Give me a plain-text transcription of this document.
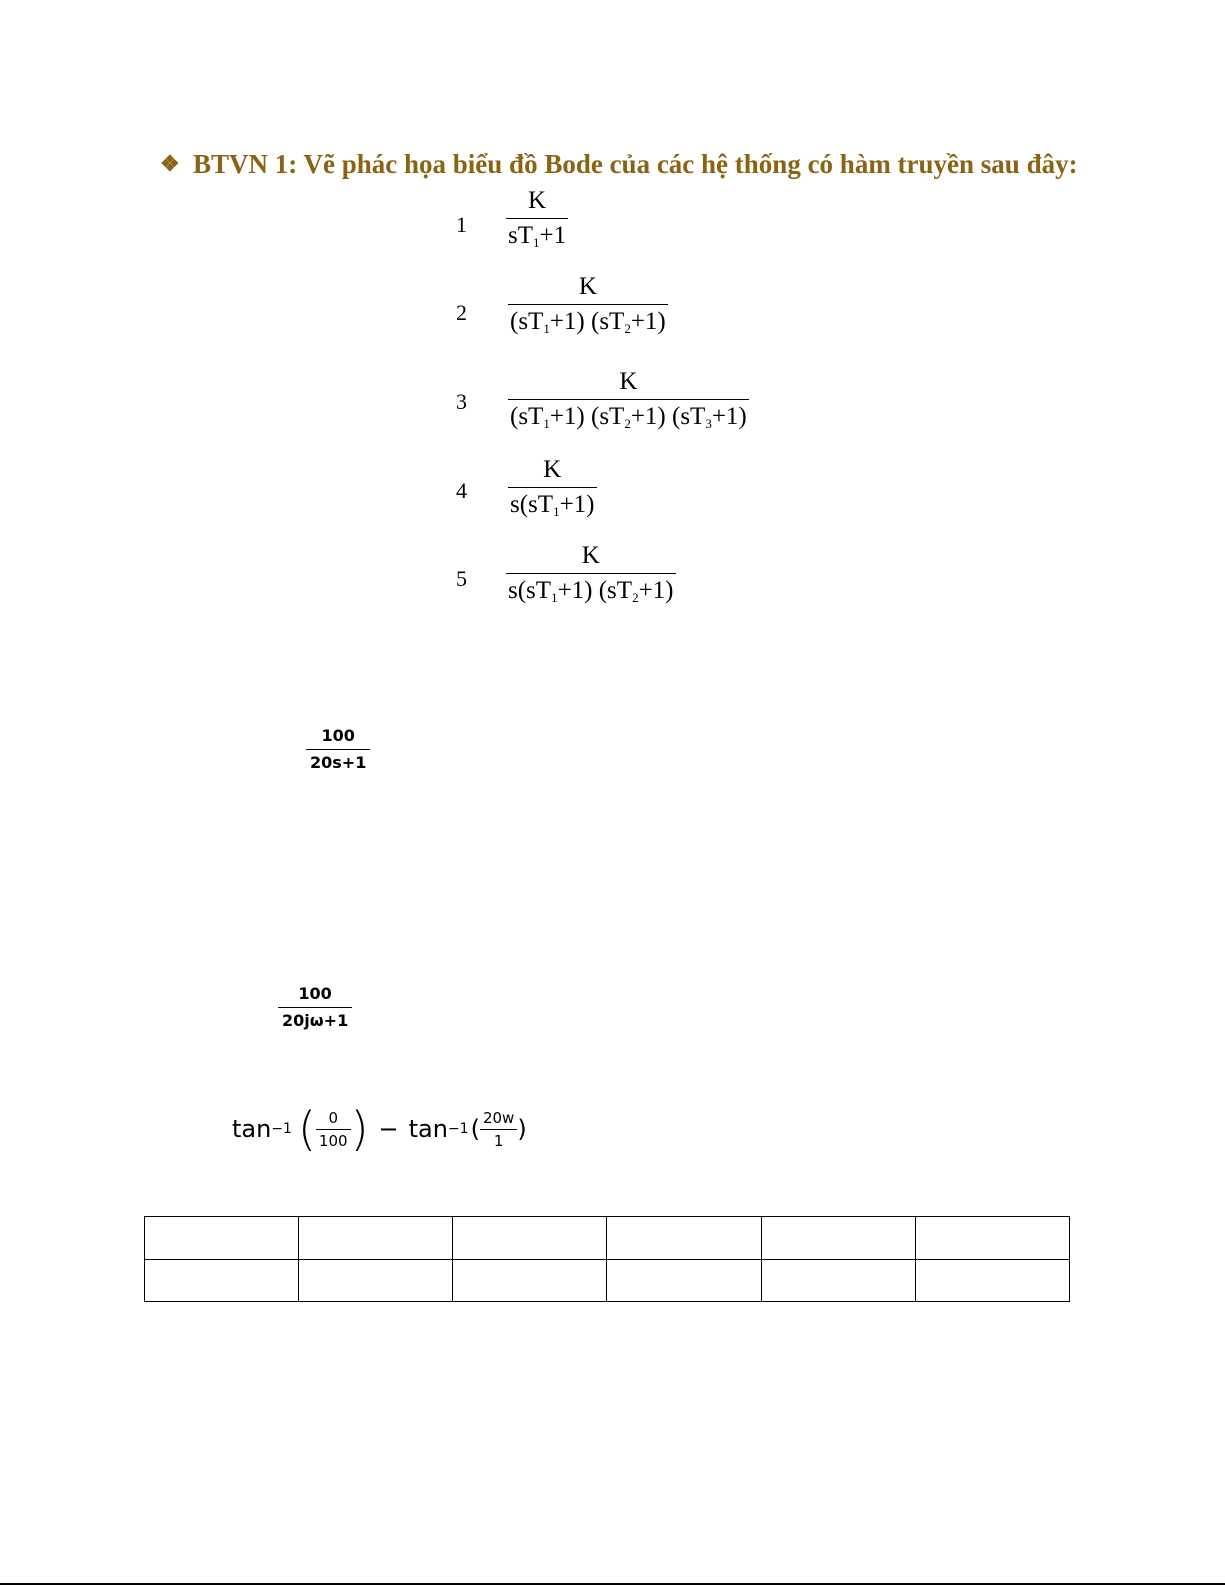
❖ BTVN 1: Vẽ phác họa biểu đồ Bode của các hệ thống có hàm truyền sau đây:
1
K
$sT_1+1$
2
K
$(sT_1+1)$ $(sT_2+1)$
3
K
$(sT_1+1)$ $(sT_2+1)$ $(sT_3+1)$
4
K
$s(sT_1+1)$
5
K
$s(sT_1+1)$ $(sT_2+1)$
100
20s+1
100
20jω+1
tan −1 ( $\frac{0}{100}$ ) − tan −1 ( $\frac{20w}{1}$ )
